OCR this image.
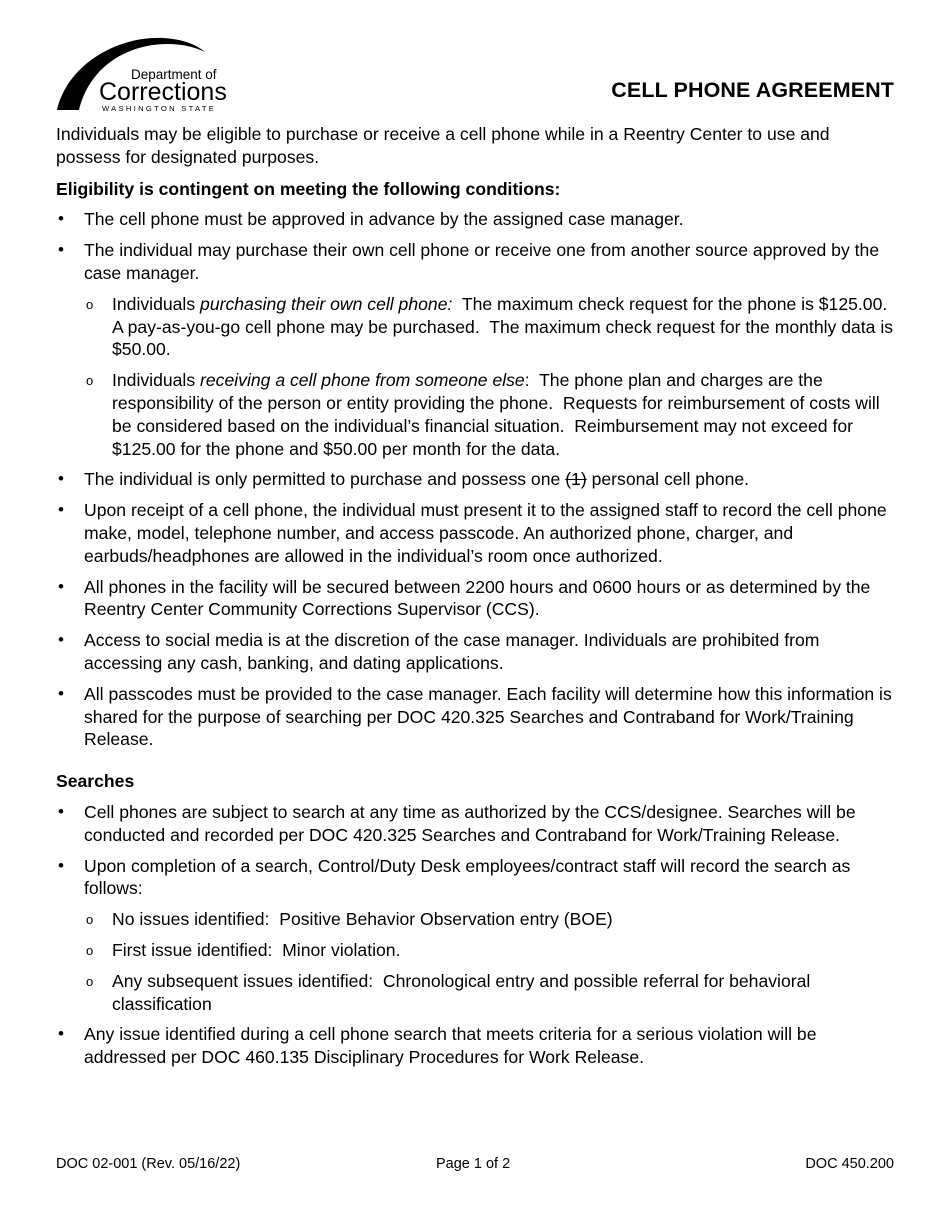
Department of
Corrections
WASHINGTON STATE
CELL PHONE AGREEMENT

Individuals may be eligible to purchase or receive a cell phone while in a Reentry Center to use and possess for designated purposes.

Eligibility is contingent on meeting the following conditions:

• The cell phone must be approved in advance by the assigned case manager.
• The individual may purchase their own cell phone or receive one from another source approved by the case manager.
o Individuals purchasing their own cell phone:  The maximum check request for the phone is $125.00.  A pay-as-you-go cell phone may be purchased.  The maximum check request for the monthly data is $50.00.
o Individuals receiving a cell phone from someone else:  The phone plan and charges are the responsibility of the person or entity providing the phone.  Requests for reimbursement of costs will be considered based on the individual’s financial situation.  Reimbursement may not exceed for $125.00 for the phone and $50.00 per month for the data.
• The individual is only permitted to purchase and possess one (1) personal cell phone.
• Upon receipt of a cell phone, the individual must present it to the assigned staff to record the cell phone make, model, telephone number, and access passcode. An authorized phone, charger, and earbuds/headphones are allowed in the individual’s room once authorized.
• All phones in the facility will be secured between 2200 hours and 0600 hours or as determined by the Reentry Center Community Corrections Supervisor (CCS).
• Access to social media is at the discretion of the case manager. Individuals are prohibited from accessing any cash, banking, and dating applications.
• All passcodes must be provided to the case manager. Each facility will determine how this information is shared for the purpose of searching per DOC 420.325 Searches and Contraband for Work/Training Release.

Searches

• Cell phones are subject to search at any time as authorized by the CCS/designee. Searches will be conducted and recorded per DOC 420.325 Searches and Contraband for Work/Training Release.
• Upon completion of a search, Control/Duty Desk employees/contract staff will record the search as follows:
o No issues identified:  Positive Behavior Observation entry (BOE)
o First issue identified:  Minor violation.
o Any subsequent issues identified:  Chronological entry and possible referral for behavioral classification
• Any issue identified during a cell phone search that meets criteria for a serious violation will be addressed per DOC 460.135 Disciplinary Procedures for Work Release.
DOC 02-001 (Rev. 05/16/22)	Page 1 of 2	DOC 450.200
